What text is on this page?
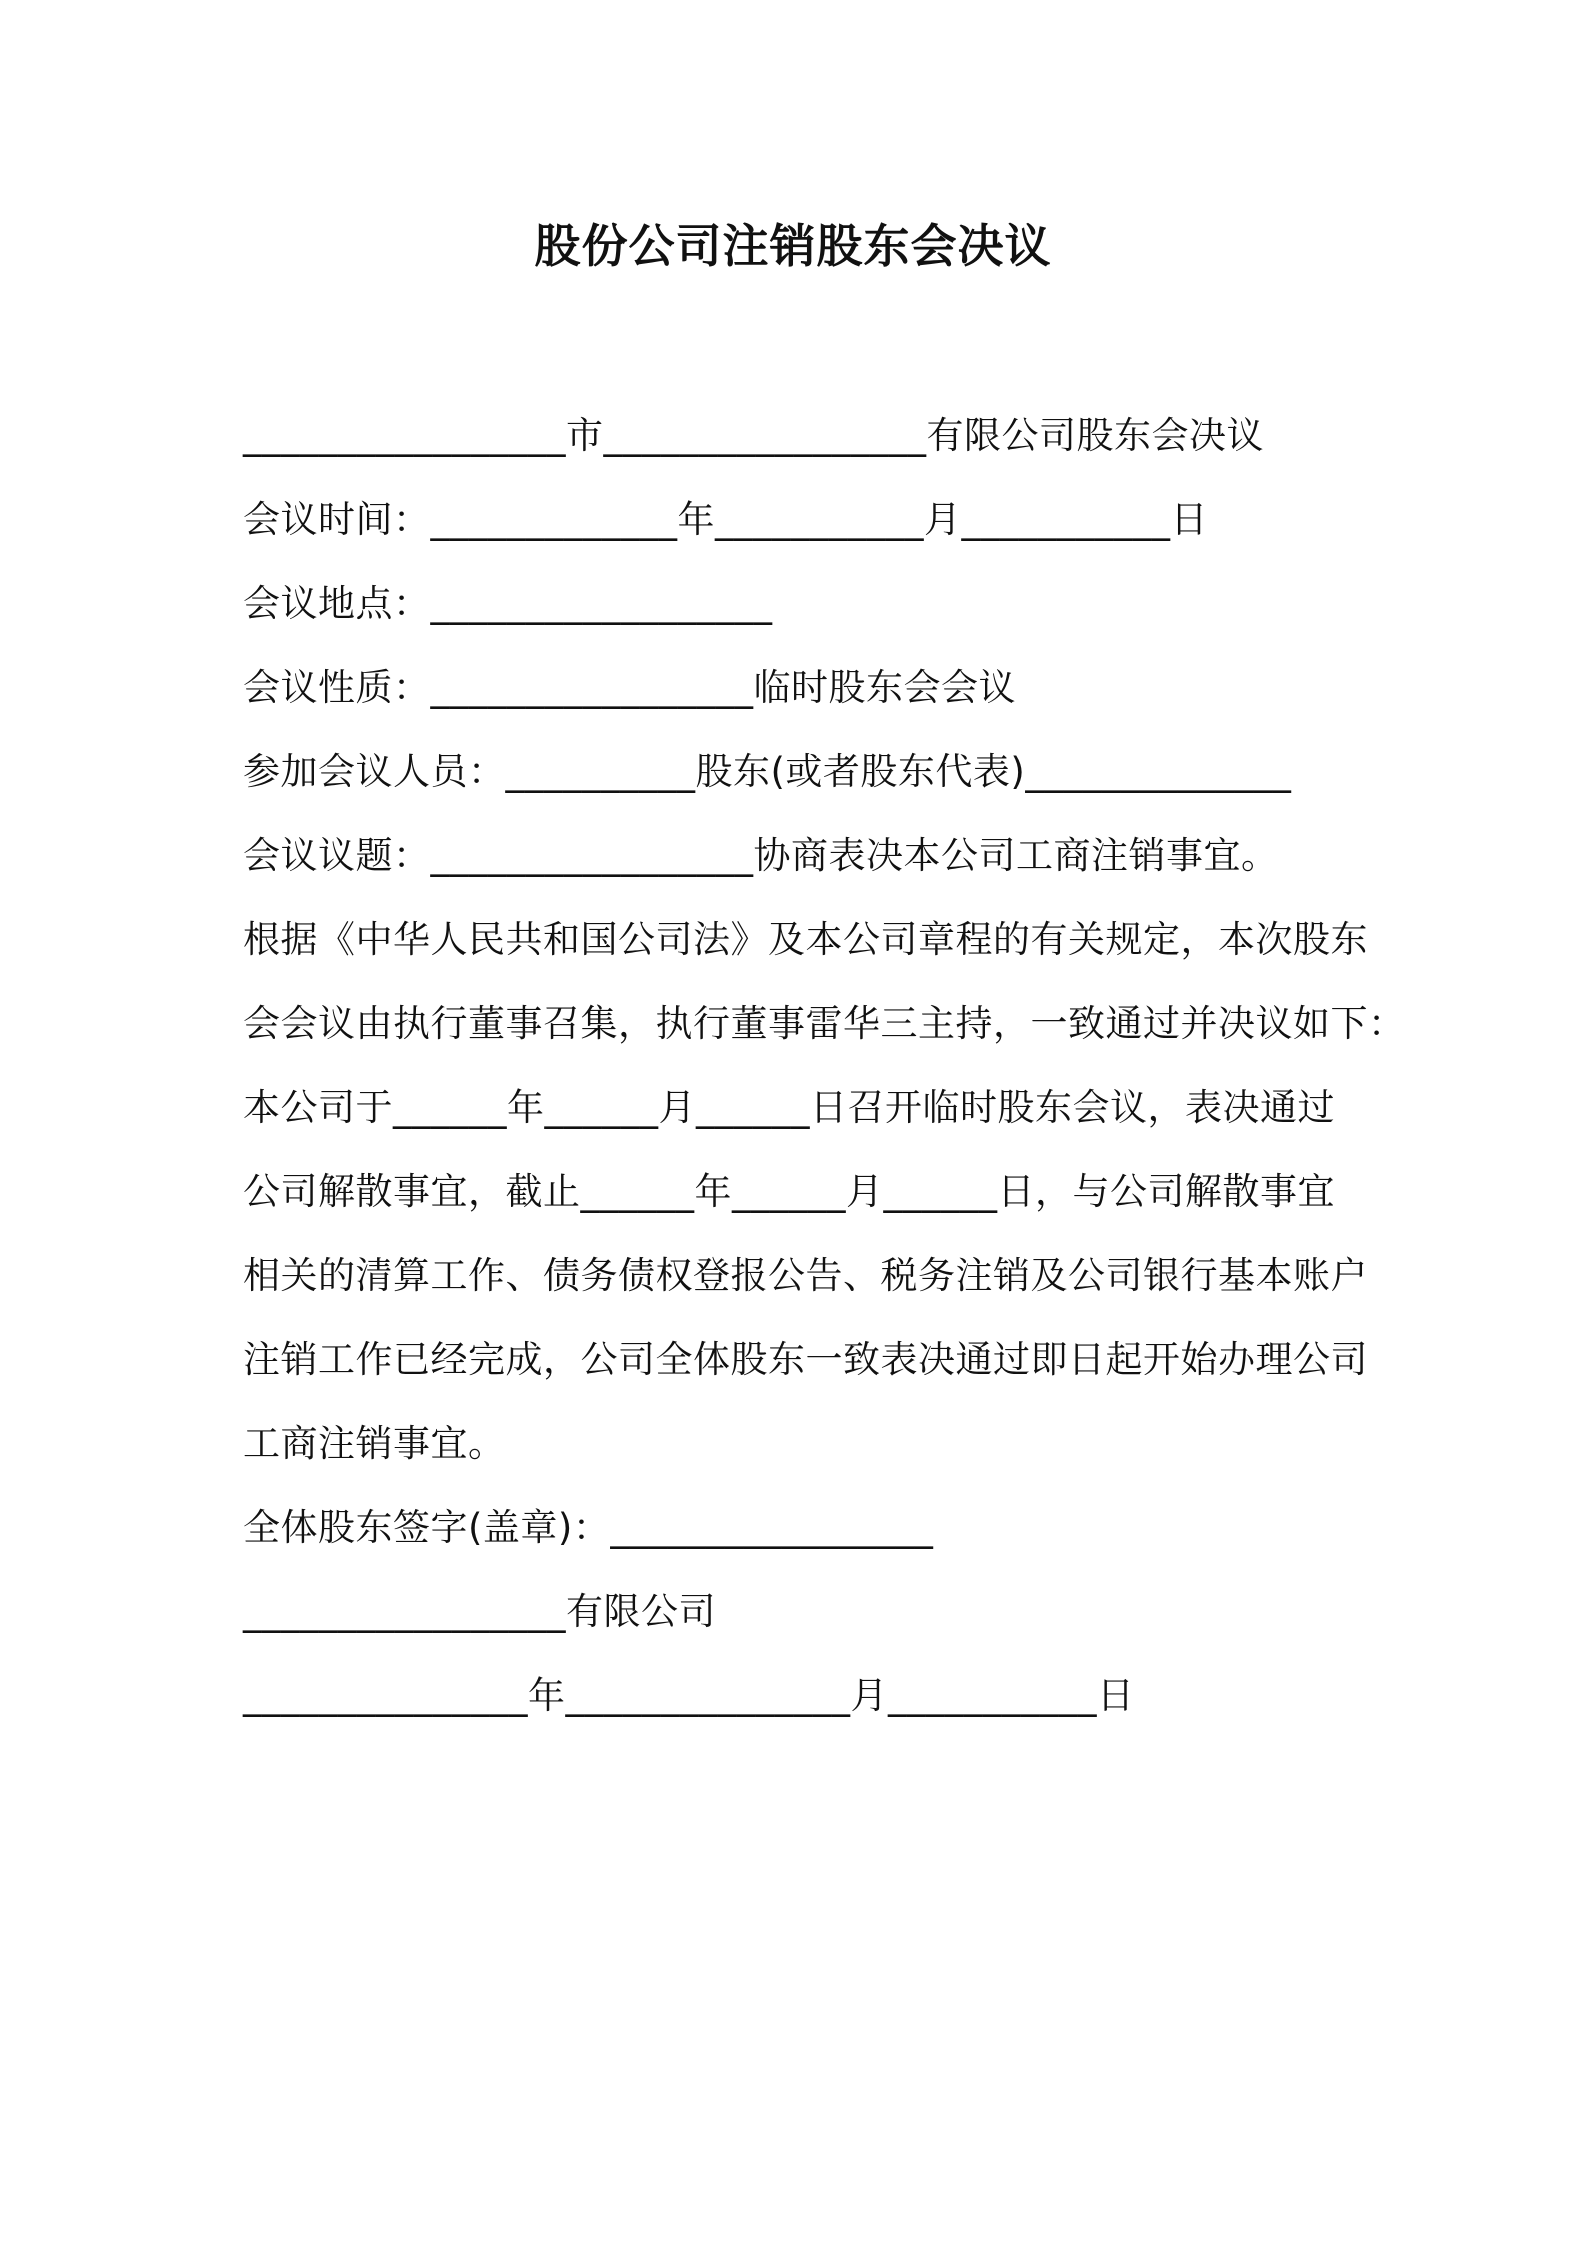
股份公司注销股东会决议
_________________市_________________有限公司股东会决议
会议时间：_____________年___________月___________日
会议地点：__________________
会议性质：_________________临时股东会会议
参加会议人员：__________股东(或者股东代表)______________
会议议题：_________________协商表决本公司工商注销事宜。
根据《中华人民共和国公司法》及本公司章程的有关规定，本次股东
会会议由执行董事召集，执行董事雷华三主持，一致通过并决议如下：
本公司于______年______月______日召开临时股东会议，表决通过
公司解散事宜，截止______年______月______日，与公司解散事宜
相关的清算工作、债务债权登报公告、税务注销及公司银行基本账户
注销工作已经完成，公司全体股东一致表决通过即日起开始办理公司
工商注销事宜。
全体股东签字(盖章)：_________________
_________________有限公司
_______________年_______________月___________日
